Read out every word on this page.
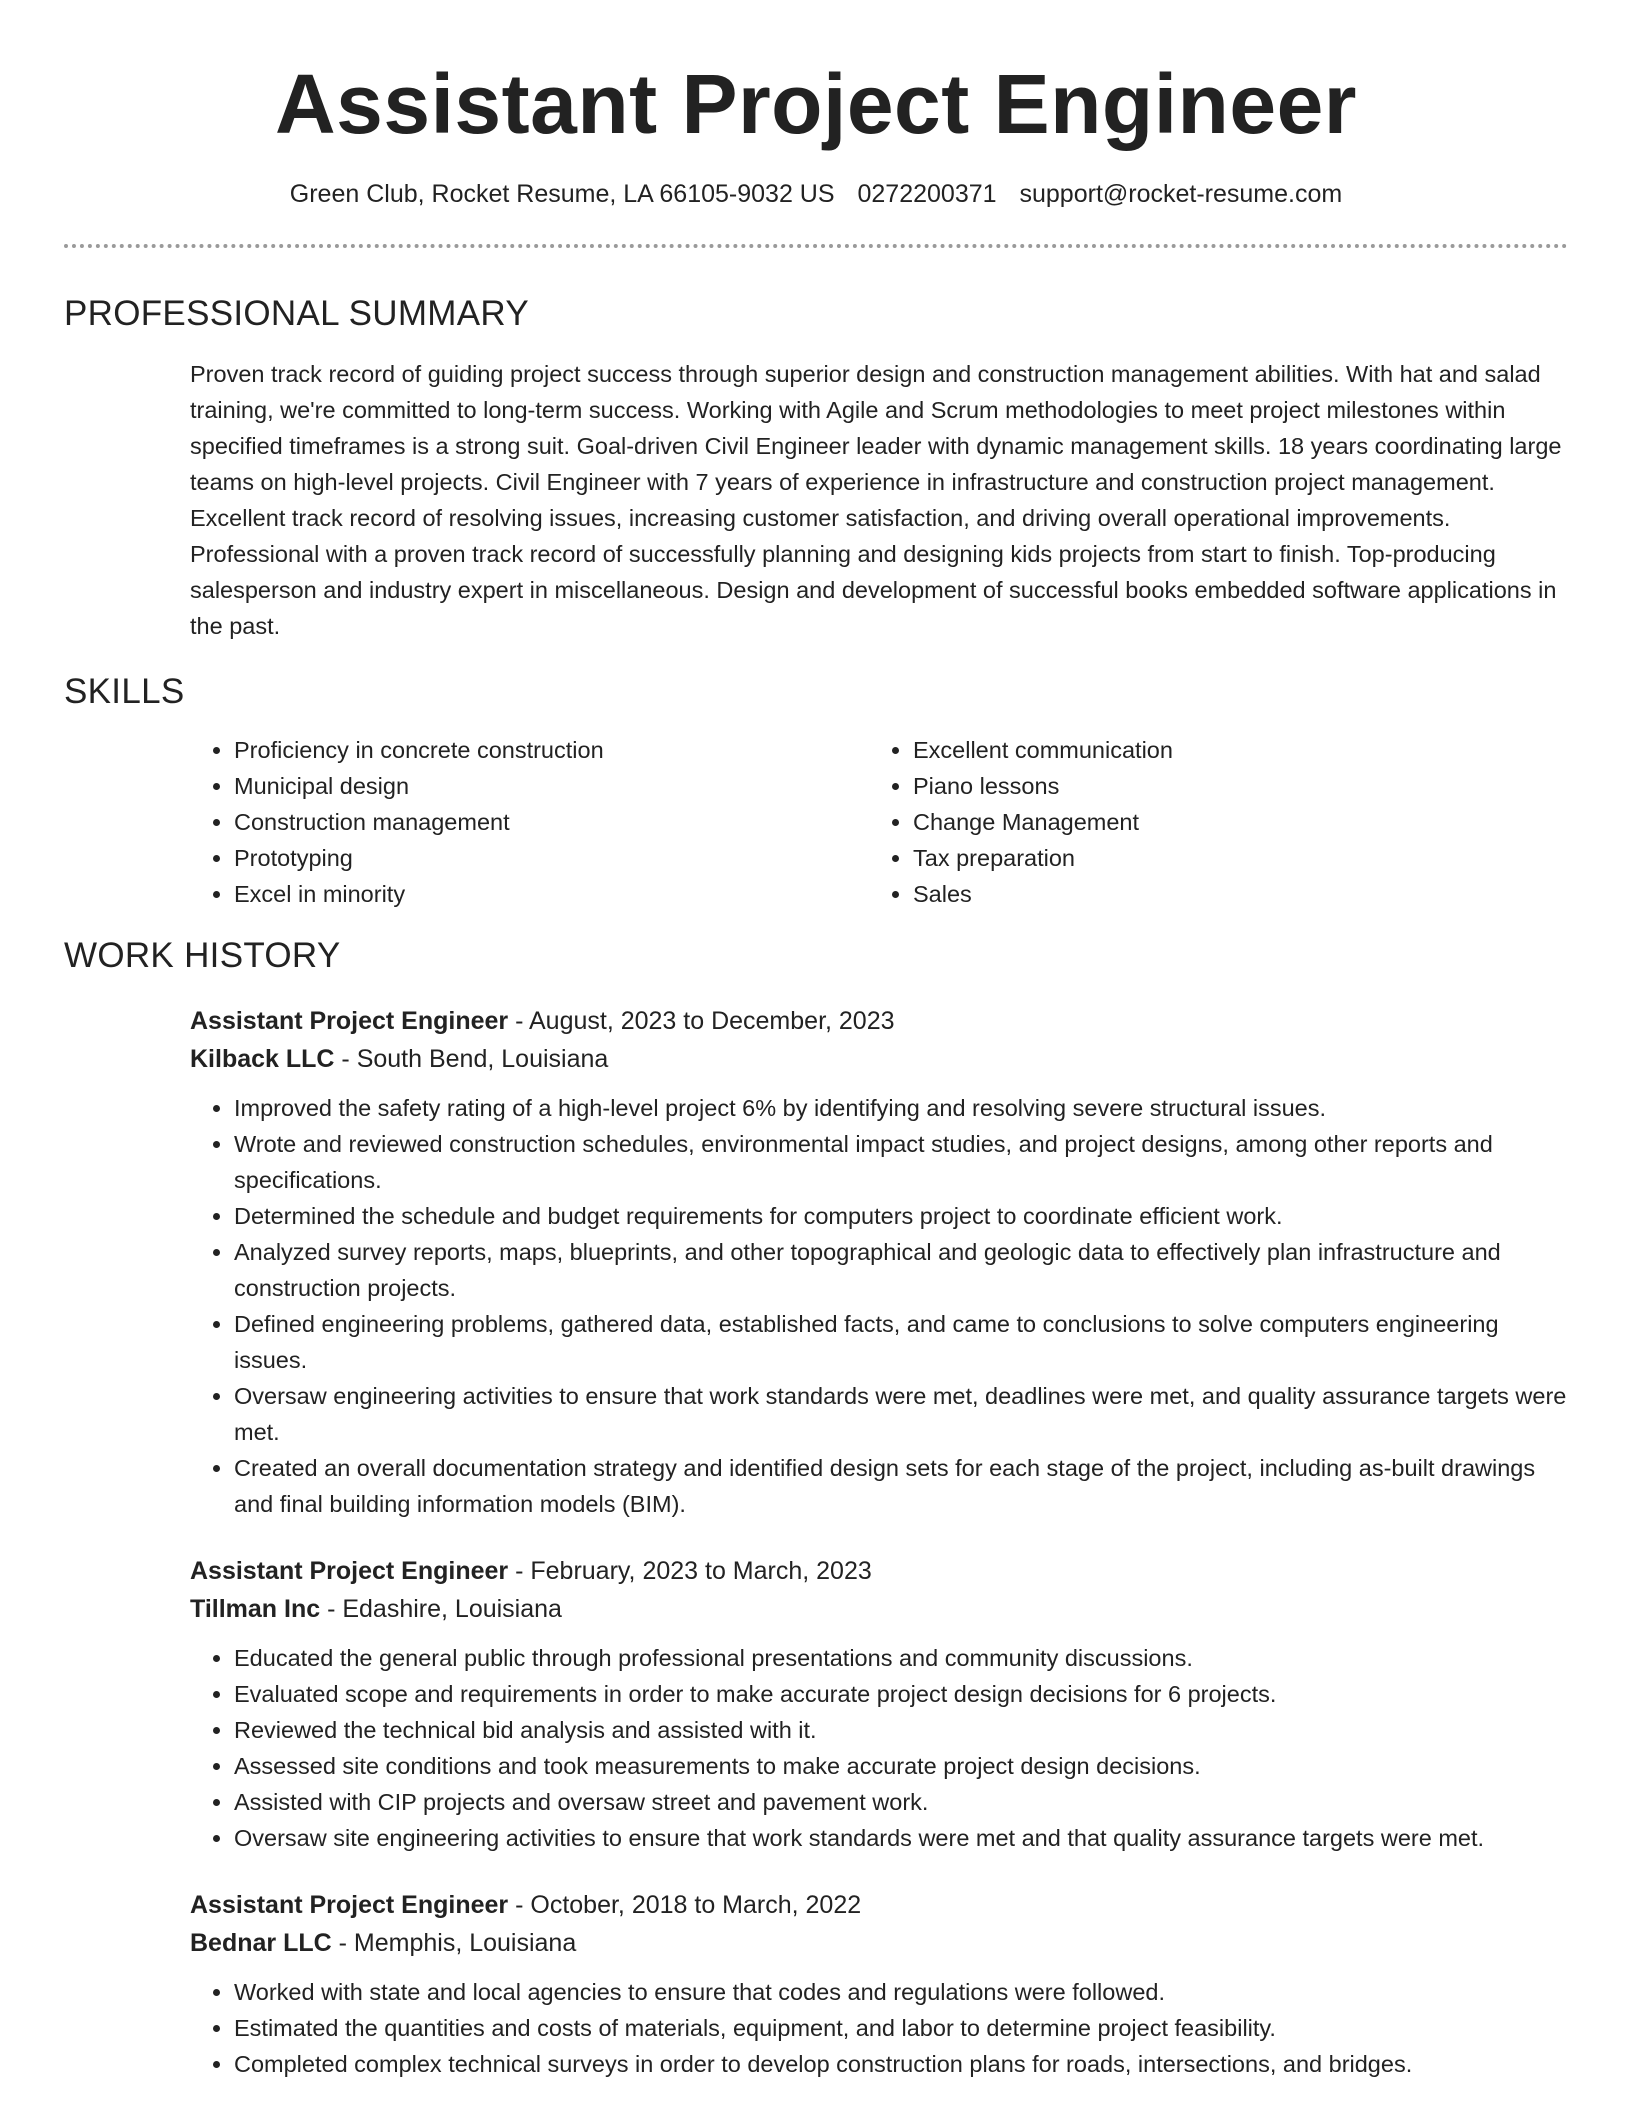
Assistant Project Engineer
Green Club, Rocket Resume, LA 66105-9032 US 0272200371 support@rocket-resume.com
PROFESSIONAL SUMMARY
Proven track record of guiding project success through superior design and construction management abilities. With hat and salad training, we're committed to long-term success. Working with Agile and Scrum methodologies to meet project milestones within specified timeframes is a strong suit. Goal-driven Civil Engineer leader with dynamic management skills. 18 years coordinating large teams on high-level projects. Civil Engineer with 7 years of experience in infrastructure and construction project management. Excellent track record of resolving issues, increasing customer satisfaction, and driving overall operational improvements. Professional with a proven track record of successfully planning and designing kids projects from start to finish. Top-producing salesperson and industry expert in miscellaneous. Design and development of successful books embedded software applications in the past.
SKILLS
• Proficiency in concrete construction
• Municipal design
• Construction management
• Prototyping
• Excel in minority
• Excellent communication
• Piano lessons
• Change Management
• Tax preparation
• Sales
WORK HISTORY
Assistant Project Engineer - August, 2023 to December, 2023
Kilback LLC - South Bend, Louisiana
• Improved the safety rating of a high-level project 6% by identifying and resolving severe structural issues.
• Wrote and reviewed construction schedules, environmental impact studies, and project designs, among other reports and specifications.
• Determined the schedule and budget requirements for computers project to coordinate efficient work.
• Analyzed survey reports, maps, blueprints, and other topographical and geologic data to effectively plan infrastructure and construction projects.
• Defined engineering problems, gathered data, established facts, and came to conclusions to solve computers engineering issues.
• Oversaw engineering activities to ensure that work standards were met, deadlines were met, and quality assurance targets were met.
• Created an overall documentation strategy and identified design sets for each stage of the project, including as-built drawings and final building information models (BIM).
Assistant Project Engineer - February, 2023 to March, 2023
Tillman Inc - Edashire, Louisiana
• Educated the general public through professional presentations and community discussions.
• Evaluated scope and requirements in order to make accurate project design decisions for 6 projects.
• Reviewed the technical bid analysis and assisted with it.
• Assessed site conditions and took measurements to make accurate project design decisions.
• Assisted with CIP projects and oversaw street and pavement work.
• Oversaw site engineering activities to ensure that work standards were met and that quality assurance targets were met.
Assistant Project Engineer - October, 2018 to March, 2022
Bednar LLC - Memphis, Louisiana
• Worked with state and local agencies to ensure that codes and regulations were followed.
• Estimated the quantities and costs of materials, equipment, and labor to determine project feasibility.
• Completed complex technical surveys in order to develop construction plans for roads, intersections, and bridges.
